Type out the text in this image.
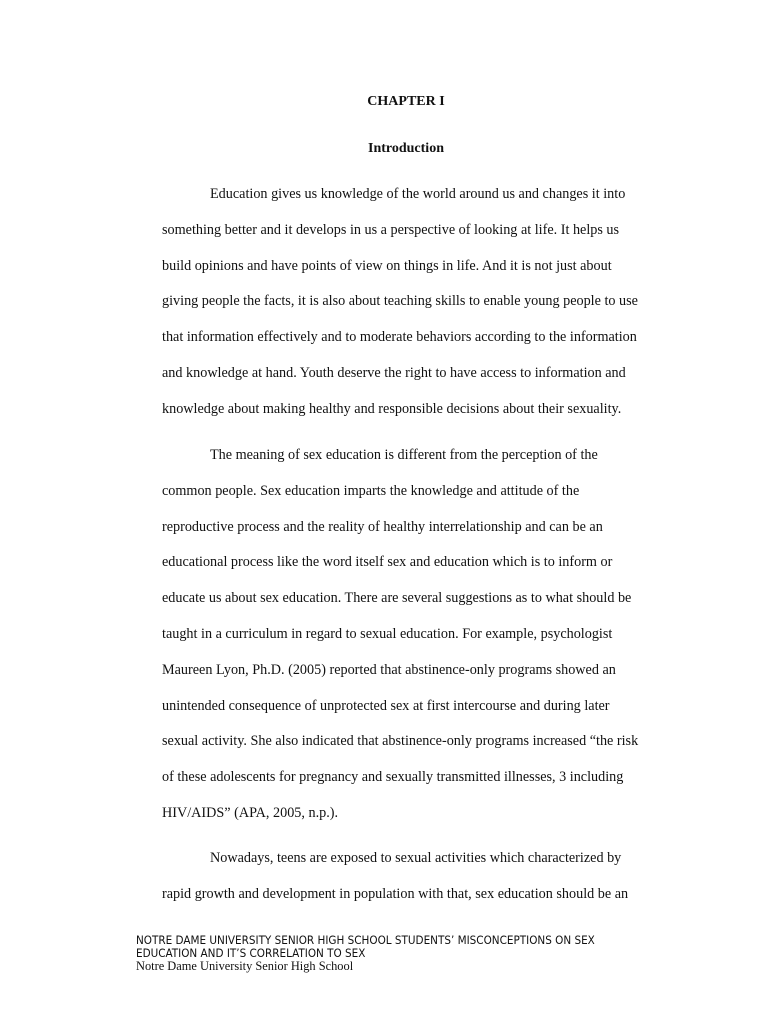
CHAPTER I
Introduction
Education gives us knowledge of the world around us and changes it into
something better and it develops in us a perspective of looking at life. It helps us
build opinions and have points of view on things in life. And it is not just about
giving people the facts, it is also about teaching skills to enable young people to use
that information effectively and to moderate behaviors according to the information
and knowledge at hand. Youth deserve the right to have access to information and
knowledge about making healthy and responsible decisions about their sexuality.
The meaning of sex education is different from the perception of the
common people. Sex education imparts the knowledge and attitude of the
reproductive process and the reality of healthy interrelationship and can be an
educational process like the word itself sex and education which is to inform or
educate us about sex education. There are several suggestions as to what should be
taught in a curriculum in regard to sexual education. For example, psychologist
Maureen Lyon, Ph.D. (2005) reported that abstinence-only programs showed an
unintended consequence of unprotected sex at first intercourse and during later
sexual activity. She also indicated that abstinence-only programs increased “the risk
of these adolescents for pregnancy and sexually transmitted illnesses, 3 including
HIV/AIDS” (APA, 2005, n.p.).
Nowadays, teens are exposed to sexual activities which characterized by
rapid growth and development in population with that, sex education should be an
NOTRE DAME UNIVERSITY SENIOR HIGH SCHOOL STUDENTS’ MISCONCEPTIONS ON SEX
EDUCATION AND IT’S CORRELATION TO SEX
Notre Dame University Senior High School
